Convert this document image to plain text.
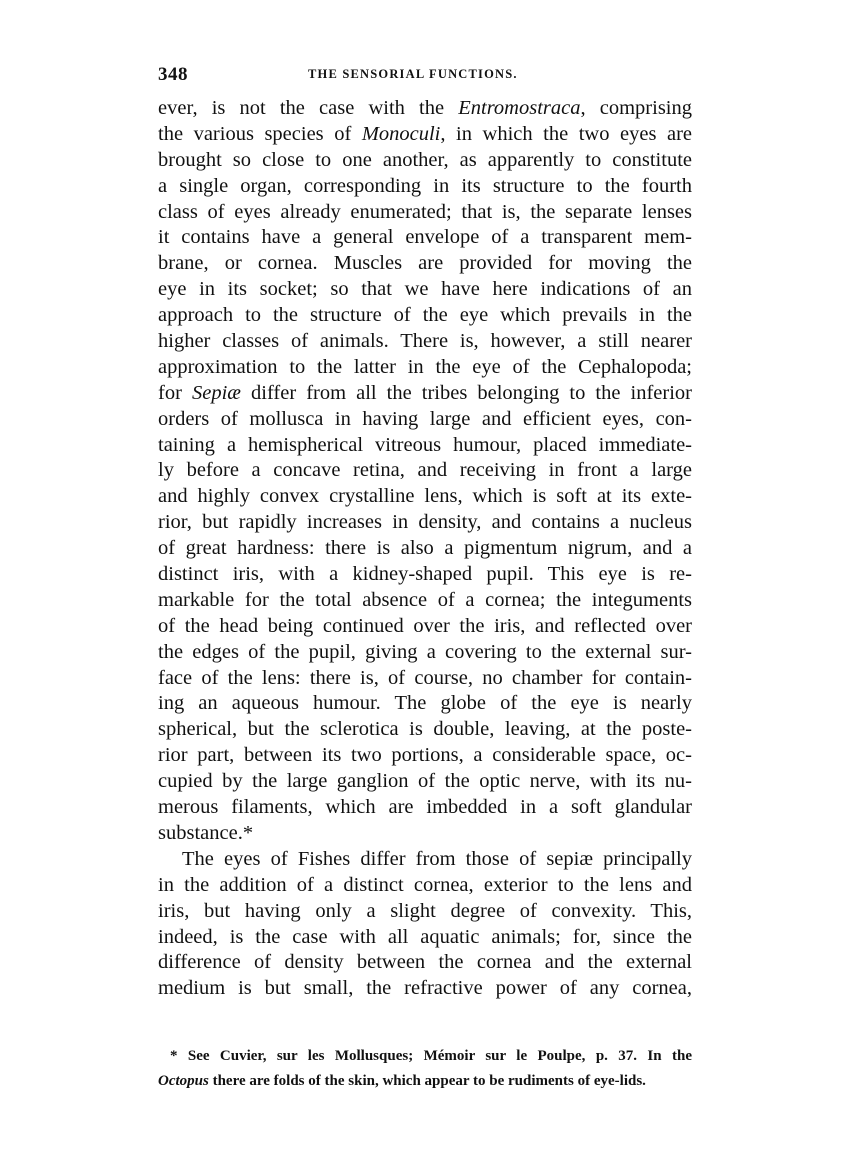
348	THE SENSORIAL FUNCTIONS.
ever, is not the case with the Entromostraca, comprising
the various species of Monoculi, in which the two eyes are
brought so close to one another, as apparently to constitute
a single organ, corresponding in its structure to the fourth
class of eyes already enumerated; that is, the separate lenses
it contains have a general envelope of a transparent mem-
brane, or cornea. Muscles are provided for moving the
eye in its socket; so that we have here indications of an
approach to the structure of the eye which prevails in the
higher classes of animals. There is, however, a still nearer
approximation to the latter in the eye of the Cephalopoda;
for Sepiæ differ from all the tribes belonging to the inferior
orders of mollusca in having large and efficient eyes, con-
taining a hemispherical vitreous humour, placed immediate-
ly before a concave retina, and receiving in front a large
and highly convex crystalline lens, which is soft at its exte-
rior, but rapidly increases in density, and contains a nucleus
of great hardness: there is also a pigmentum nigrum, and a
distinct iris, with a kidney-shaped pupil. This eye is re-
markable for the total absence of a cornea; the integuments
of the head being continued over the iris, and reflected over
the edges of the pupil, giving a covering to the external sur-
face of the lens: there is, of course, no chamber for contain-
ing an aqueous humour. The globe of the eye is nearly
spherical, but the sclerotica is double, leaving, at the poste-
rior part, between its two portions, a considerable space, oc-
cupied by the large ganglion of the optic nerve, with its nu-
merous filaments, which are imbedded in a soft glandular
substance.*
The eyes of Fishes differ from those of sepiæ principally
in the addition of a distinct cornea, exterior to the lens and
iris, but having only a slight degree of convexity. This,
indeed, is the case with all aquatic animals; for, since the
difference of density between the cornea and the external
medium is but small, the refractive power of any cornea,
* See Cuvier, sur les Mollusques; Mémoir sur le Poulpe, p. 37. In the
Octopus there are folds of the skin, which appear to be rudiments of eye-lids.
